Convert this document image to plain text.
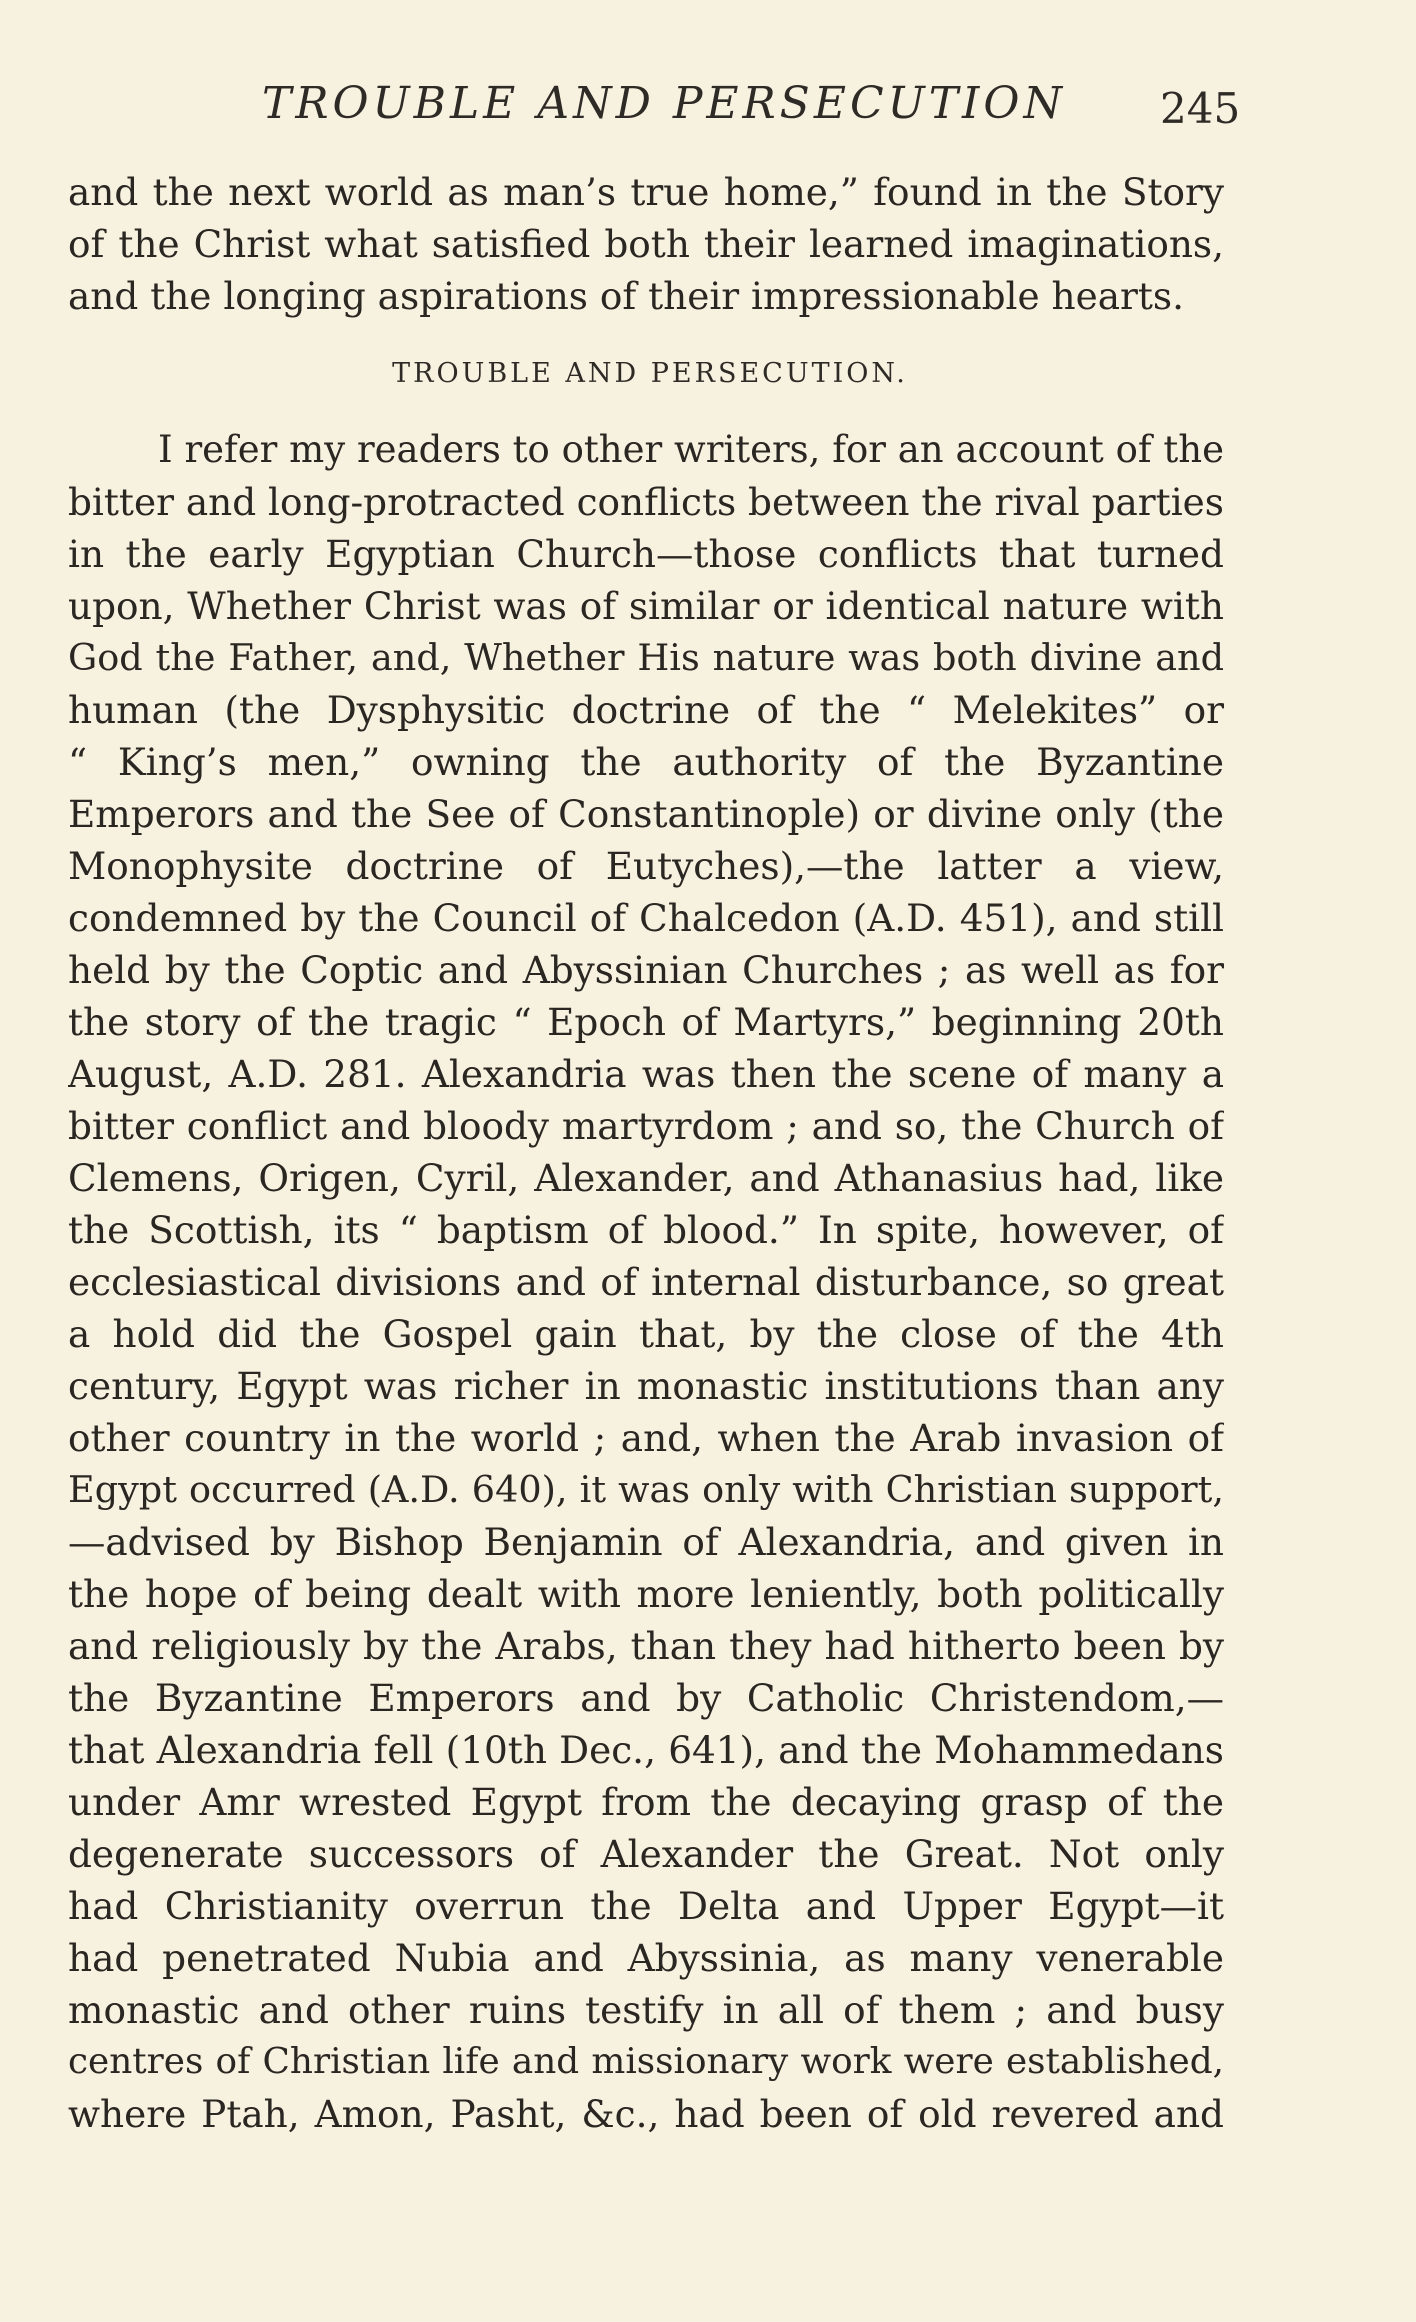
TROUBLE AND PERSECUTION 245
and the next world as man’s true home,” found in the Story
of the Christ what satisfied both their learned imaginations,
and the longing aspirations of their impressionable hearts.
TROUBLE AND PERSECUTION.
I refer my readers to other writers, for an account of the
bitter and long-protracted conflicts between the rival parties
in the early Egyptian Church—those conflicts that turned
upon, Whether Christ was of similar or identical nature with
God the Father, and, Whether His nature was both divine and
human (the Dysphysitic doctrine of the “ Melekites” or
“ King’s men,” owning the authority of the Byzantine
Emperors and the See of Constantinople) or divine only (the
Monophysite doctrine of Eutyches),—the latter a view,
condemned by the Council of Chalcedon (A.D. 451), and still
held by the Coptic and Abyssinian Churches ; as well as for
the story of the tragic “ Epoch of Martyrs,” beginning 20th
August, A.D. 281. Alexandria was then the scene of many a
bitter conflict and bloody martyrdom ; and so, the Church of
Clemens, Origen, Cyril, Alexander, and Athanasius had, like
the Scottish, its “ baptism of blood.” In spite, however, of
ecclesiastical divisions and of internal disturbance, so great
a hold did the Gospel gain that, by the close of the 4th
century, Egypt was richer in monastic institutions than any
other country in the world ; and, when the Arab invasion of
Egypt occurred (A.D. 640), it was only with Christian support,
—advised by Bishop Benjamin of Alexandria, and given in
the hope of being dealt with more leniently, both politically
and religiously by the Arabs, than they had hitherto been by
the Byzantine Emperors and by Catholic Christendom,—
that Alexandria fell (10th Dec., 641), and the Mohammedans
under Amr wrested Egypt from the decaying grasp of the
degenerate successors of Alexander the Great. Not only
had Christianity overrun the Delta and Upper Egypt—it
had penetrated Nubia and Abyssinia, as many venerable
monastic and other ruins testify in all of them ; and busy
centres of Christian life and missionary work were established,
where Ptah, Amon, Pasht, &c., had been of old revered and
